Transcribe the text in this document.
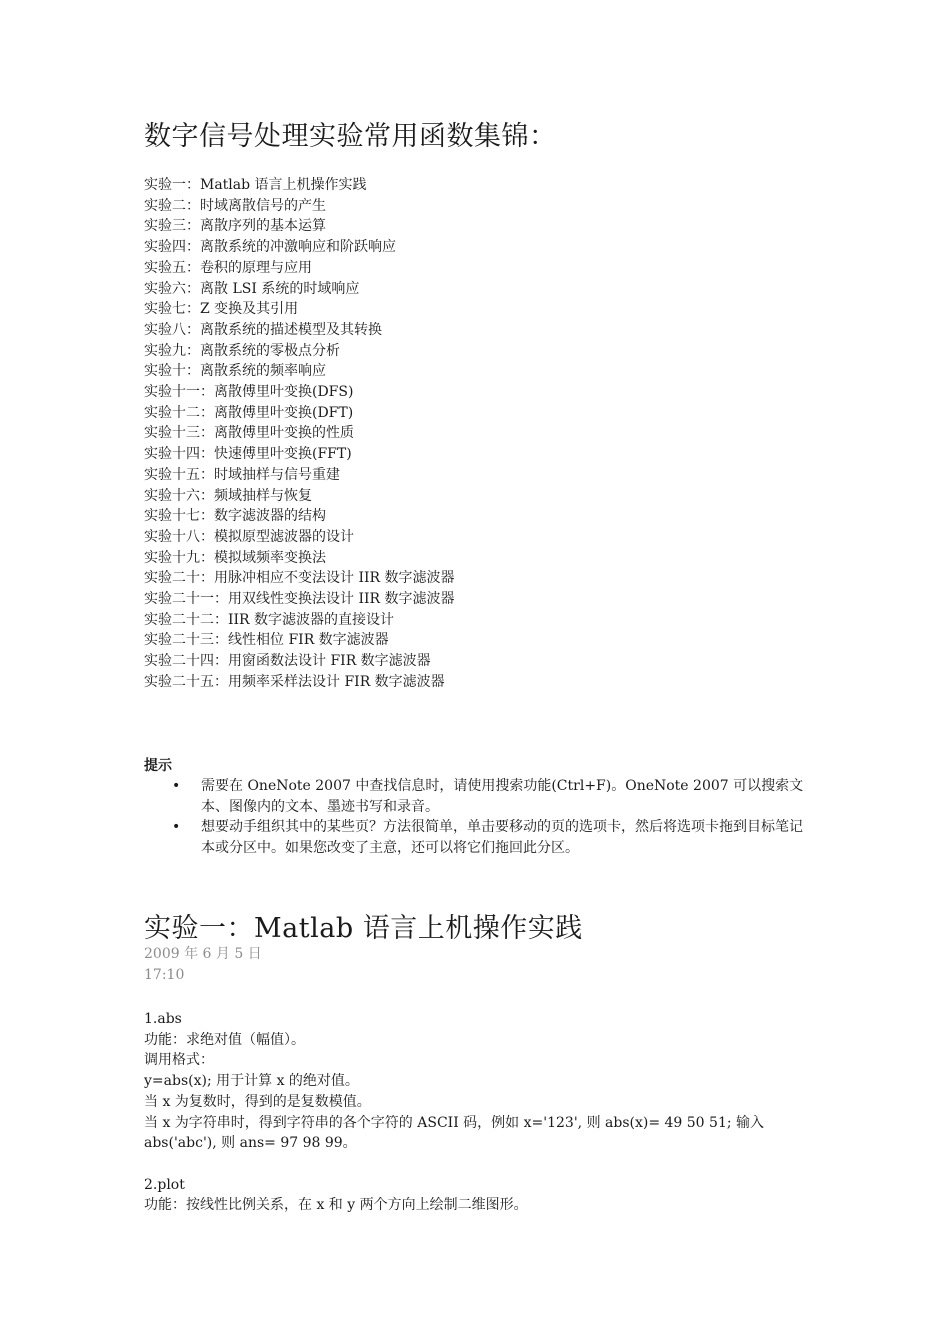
数字信号处理实验常用函数集锦：
实验一：Matlab 语言上机操作实践
实验二：时域离散信号的产生
实验三：离散序列的基本运算
实验四：离散系统的冲激响应和阶跃响应
实验五：卷积的原理与应用
实验六：离散 LSI 系统的时域响应
实验七：Z 变换及其引用
实验八：离散系统的描述模型及其转换
实验九：离散系统的零极点分析
实验十：离散系统的频率响应
实验十一：离散傅里叶变换(DFS)
实验十二：离散傅里叶变换(DFT)
实验十三：离散傅里叶变换的性质
实验十四：快速傅里叶变换(FFT)
实验十五：时域抽样与信号重建
实验十六：频域抽样与恢复
实验十七：数字滤波器的结构
实验十八：模拟原型滤波器的设计
实验十九：模拟域频率变换法
实验二十：用脉冲相应不变法设计 IIR 数字滤波器
实验二十一：用双线性变换法设计 IIR 数字滤波器
实验二十二：IIR 数字滤波器的直接设计
实验二十三：线性相位 FIR 数字滤波器
实验二十四：用窗函数法设计 FIR 数字滤波器
实验二十五：用频率采样法设计 FIR 数字滤波器
提示
• 需要在 OneNote 2007 中查找信息时，请使用搜索功能(Ctrl+F)。OneNote 2007 可以搜索文本、图像内的文本、墨迹书写和录音。
• 想要动手组织其中的某些页？方法很简单，单击要移动的页的选项卡，然后将选项卡拖到目标笔记本或分区中。如果您改变了主意，还可以将它们拖回此分区。
实验一：Matlab 语言上机操作实践
2009 年 6 月 5 日
17:10

1.abs

功能：求绝对值（幅值）。

调用格式：

y=abs(x); 用于计算 x 的绝对值。

当 x 为复数时，得到的是复数模值。

当 x 为字符串时，得到字符串的各个字符的 ASCII 码，例如 x='123', 则 abs(x)= 49 50 51; 输入

abs('abc'), 则 ans= 97 98 99。

2.plot

功能：按线性比例关系，在 x 和 y 两个方向上绘制二维图形。
